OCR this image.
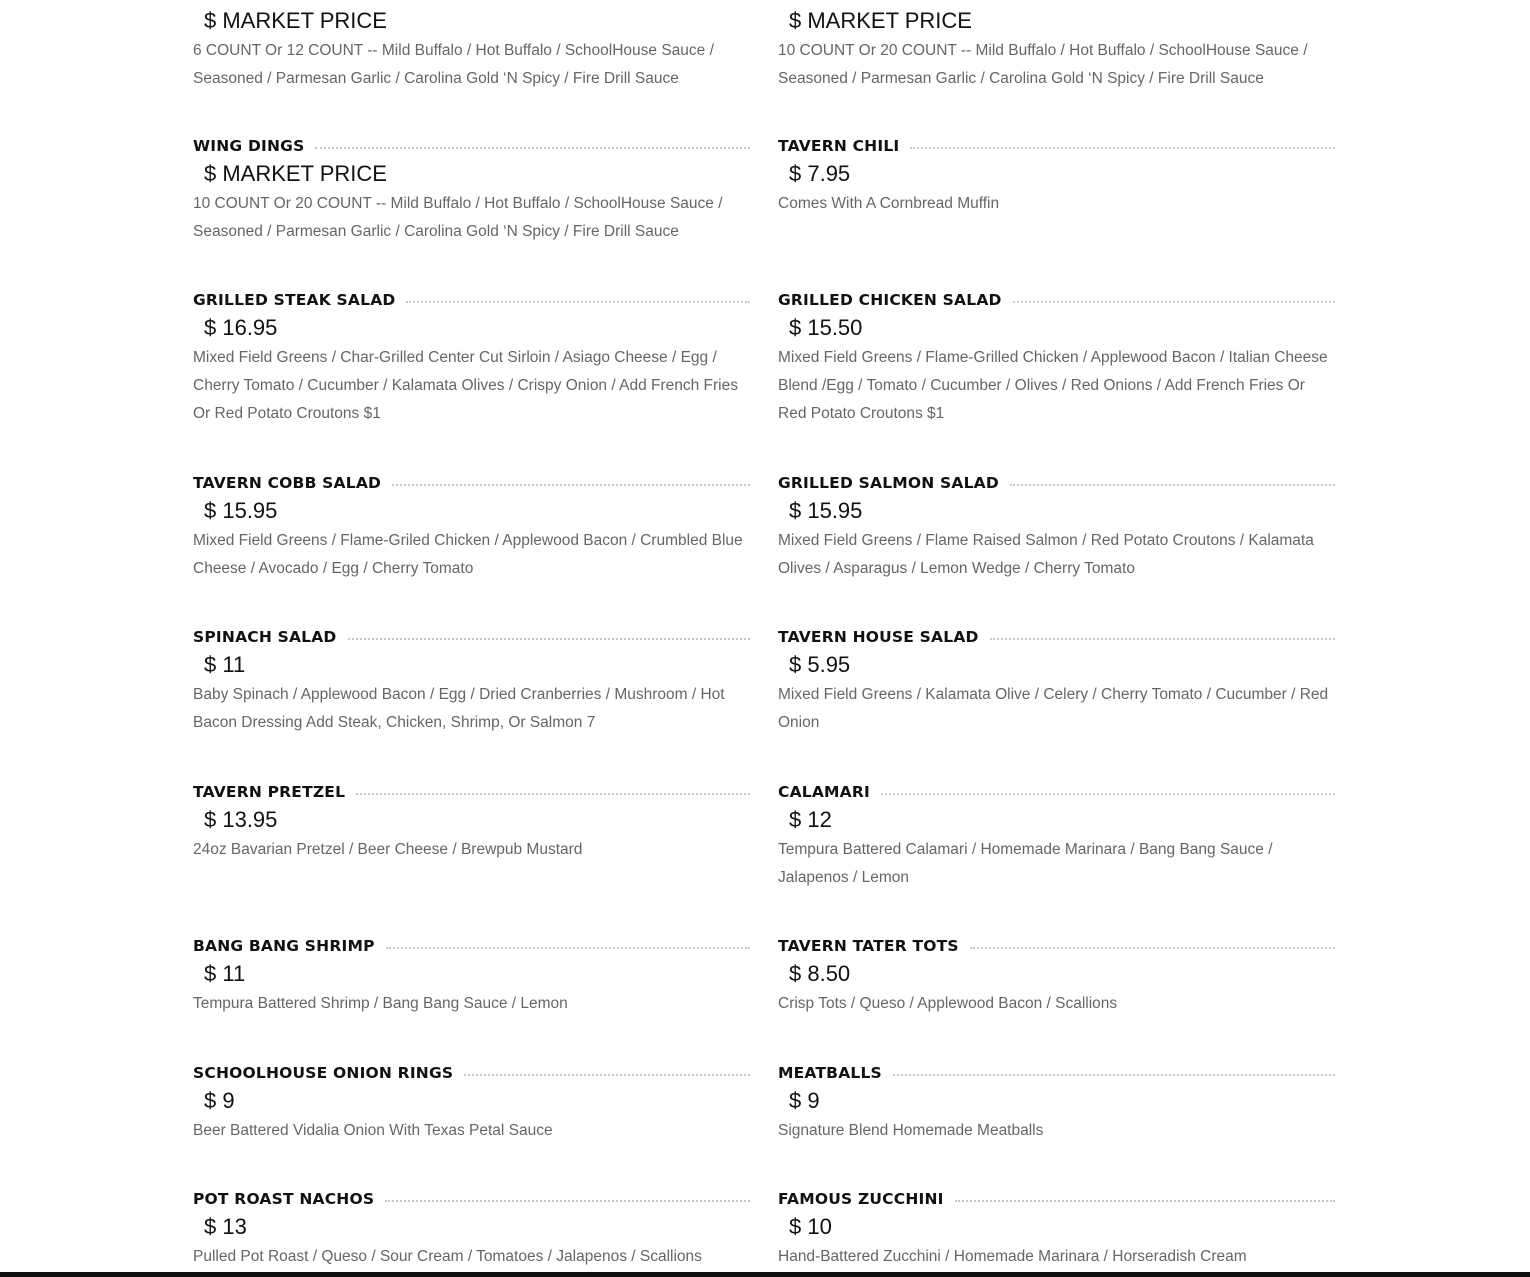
$ MARKET PRICE
6 COUNT Or 12 COUNT -- Mild Buffalo / Hot Buffalo / SchoolHouse Sauce / Seasoned / Parmesan Garlic / Carolina Gold ‘N Spicy / Fire Drill Sauce
WING DINGS
$ MARKET PRICE
10 COUNT Or 20 COUNT -- Mild Buffalo / Hot Buffalo / SchoolHouse Sauce / Seasoned / Parmesan Garlic / Carolina Gold ‘N Spicy / Fire Drill Sauce
GRILLED STEAK SALAD
$ 16.95
Mixed Field Greens / Char-Grilled Center Cut Sirloin / Asiago Cheese / Egg / Cherry Tomato / Cucumber / Kalamata Olives / Crispy Onion / Add French Fries Or Red Potato Croutons $1
TAVERN COBB SALAD
$ 15.95
Mixed Field Greens / Flame-Griled Chicken / Applewood Bacon / Crumbled Blue Cheese / Avocado / Egg / Cherry Tomato
SPINACH SALAD
$ 11
Baby Spinach / Applewood Bacon / Egg / Dried Cranberries / Mushroom / Hot Bacon Dressing Add Steak, Chicken, Shrimp, Or Salmon 7
TAVERN PRETZEL
$ 13.95
24oz Bavarian Pretzel / Beer Cheese / Brewpub Mustard
BANG BANG SHRIMP
$ 11
Tempura Battered Shrimp / Bang Bang Sauce / Lemon
SCHOOLHOUSE ONION RINGS
$ 9
Beer Battered Vidalia Onion With Texas Petal Sauce
POT ROAST NACHOS
$ 13
Pulled Pot Roast / Queso / Sour Cream / Tomatoes / Jalapenos / Scallions
$ MARKET PRICE
10 COUNT Or 20 COUNT -- Mild Buffalo / Hot Buffalo / SchoolHouse Sauce / Seasoned / Parmesan Garlic / Carolina Gold ‘N Spicy / Fire Drill Sauce
TAVERN CHILI
$ 7.95
Comes With A Cornbread Muffin
GRILLED CHICKEN SALAD
$ 15.50
Mixed Field Greens / Flame-Grilled Chicken / Applewood Bacon / Italian Cheese Blend /Egg / Tomato / Cucumber / Olives / Red Onions / Add French Fries Or Red Potato Croutons $1
GRILLED SALMON SALAD
$ 15.95
Mixed Field Greens / Flame Raised Salmon / Red Potato Croutons / Kalamata Olives / Asparagus / Lemon Wedge / Cherry Tomato
TAVERN HOUSE SALAD
$ 5.95
Mixed Field Greens / Kalamata Olive / Celery / Cherry Tomato / Cucumber / Red Onion
CALAMARI
$ 12
Tempura Battered Calamari / Homemade Marinara / Bang Bang Sauce / Jalapenos / Lemon
TAVERN TATER TOTS
$ 8.50
Crisp Tots / Queso / Applewood Bacon / Scallions
MEATBALLS
$ 9
Signature Blend Homemade Meatballs
FAMOUS ZUCCHINI
$ 10
Hand-Battered Zucchini / Homemade Marinara / Horseradish Cream
